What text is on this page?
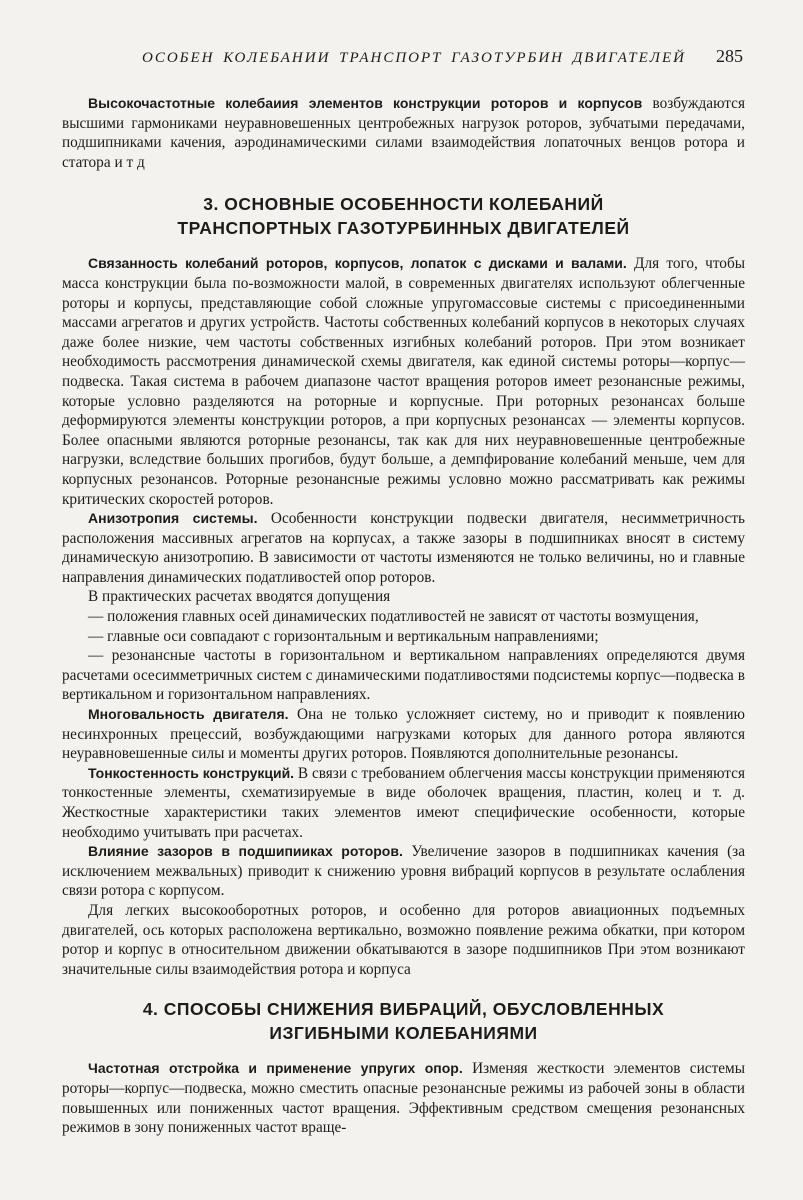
ОСОБЕН КОЛЕБАНИИ ТРАНСПОРТ ГАЗОТУРБИН ДВИГАТЕЛЕЙ 285

Высокочастотные колебаиия элементов конструкции роторов и корпусов возбуждаются высшими гармониками неуравновешенных центробежных нагрузок роторов, зубчатыми передачами, подшипниками качения, аэродинамическими силами взаимодействия лопаточных венцов ротора и статора и т д

3. ОСНОВНЫЕ ОСОБЕННОСТИ КОЛЕБАНИЙ
ТРАНСПОРТНЫХ ГАЗОТУРБИННЫХ ДВИГАТЕЛЕЙ

Связанность колебаний роторов, корпусов, лопаток с дисками и валами. Для того, чтобы масса конструкции была по-возможности малой, в современных двигателях используют облегченные роторы и корпусы, представляющие собой сложные упругомассовые системы с присоединенными массами агрегатов и других устройств. Частоты собственных колебаний корпусов в некоторых случаях даже более низкие, чем частоты собственных изгибных колебаний роторов. При этом возникает необходимость рассмотрения динамической схемы двигателя, как единой системы роторы—корпус—подвеска. Такая система в рабочем диапазоне частот вращения роторов имеет резонансные режимы, которые условно разделяются на роторные и корпусные. При роторных резонансах больше деформируются элементы конструкции роторов, а при корпусных резонансах — элементы корпусов. Более опасными являются роторные резонансы, так как для них неуравновешенные центробежные нагрузки, вследствие больших прогибов, будут больше, а демпфирование колебаний меньше, чем для корпусных резонансов. Роторные резонансные режимы условно можно рассматривать как режимы критических скоростей роторов.

Анизотропия системы. Особенности конструкции подвески двигателя, несимметричность расположения массивных агрегатов на корпусах, а также зазоры в подшипниках вносят в систему динамическую анизотропию. В зависимости от частоты изменяются не только величины, но и главные направления динамических податливостей опор роторов.

В практических расчетах вводятся допущения

— положения главных осей динамических податливостей не зависят от частоты возмущения,

— главные оси совпадают с горизонтальным и вертикальным направлениями;

— резонансные частоты в горизонтальном и вертикальном направлениях определяются двумя расчетами осесимметричных систем с динамическими податливостями подсистемы корпус—подвеска в вертикальном и горизонтальном направлениях.

Многовальность двигателя. Она не только усложняет систему, но и приводит к появлению несинхронных прецессий, возбуждающими нагрузками которых для данного ротора являются неуравновешенные силы и моменты других роторов. Появляются дополнительные резонансы.

Тонкостенность конструкций. В связи с требованием облегчения массы конструкции применяются тонкостенные элементы, схематизируемые в виде оболочек вращения, пластин, колец и т. д. Жесткостные характеристики таких элементов имеют специфические особенности, которые необходимо учитывать при расчетах.

Влияние зазоров в подшипииках роторов. Увеличение зазоров в подшипниках качения (за исключением межвальных) приводит к снижению уровня вибраций корпусов в результате ослабления связи ротора с корпусом.

Для легких высокооборотных роторов, и особенно для роторов авиационных подъемных двигателей, ось которых расположена вертикально, возможно появление режима обкатки, при котором ротор и корпус в относительном движении обкатываются в зазоре подшипников При этом возникают значительные силы взаимодействия ротора и корпуса

4. СПОСОБЫ СНИЖЕНИЯ ВИБРАЦИЙ, ОБУСЛОВЛЕННЫХ
ИЗГИБНЫМИ КОЛЕБАНИЯМИ

Частотная отстройка и применение упругих опор. Изменяя жесткости элементов системы роторы—корпус—подвеска, можно сместить опасные резонансные режимы из рабочей зоны в области повышенных или пониженных частот вращения. Эффективным средством смещения резонансных режимов в зону пониженных частот враще-
